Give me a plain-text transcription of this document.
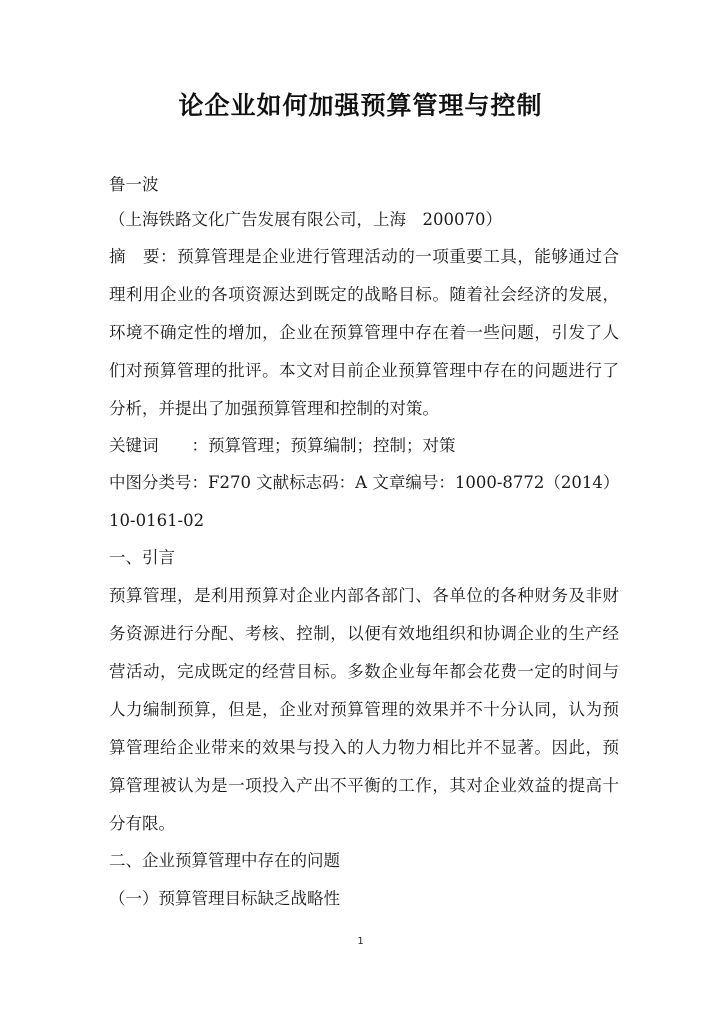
论企业如何加强预算管理与控制
鲁一波
（上海铁路文化广告发展有限公司，上海　200070）
摘　要：预算管理是企业进行管理活动的一项重要工具，能够通过合
理利用企业的各项资源达到既定的战略目标。随着社会经济的发展，
环境不确定性的增加，企业在预算管理中存在着一些问题，引发了人
们对预算管理的批评。本文对目前企业预算管理中存在的问题进行了
分析，并提出了加强预算管理和控制的对策。
关键词　　：预算管理；预算编制；控制；对策
中图分类号：F270 文献标志码：A 文章编号：1000-8772（2014）
10-0161-02
一、引言
预算管理，是利用预算对企业内部各部门、各单位的各种财务及非财
务资源进行分配、考核、控制，以便有效地组织和协调企业的生产经
营活动，完成既定的经营目标。多数企业每年都会花费一定的时间与
人力编制预算，但是，企业对预算管理的效果并不十分认同，认为预
算管理给企业带来的效果与投入的人力物力相比并不显著。因此，预
算管理被认为是一项投入产出不平衡的工作，其对企业效益的提高十
分有限。
二、企业预算管理中存在的问题
（一）预算管理目标缺乏战略性
1
